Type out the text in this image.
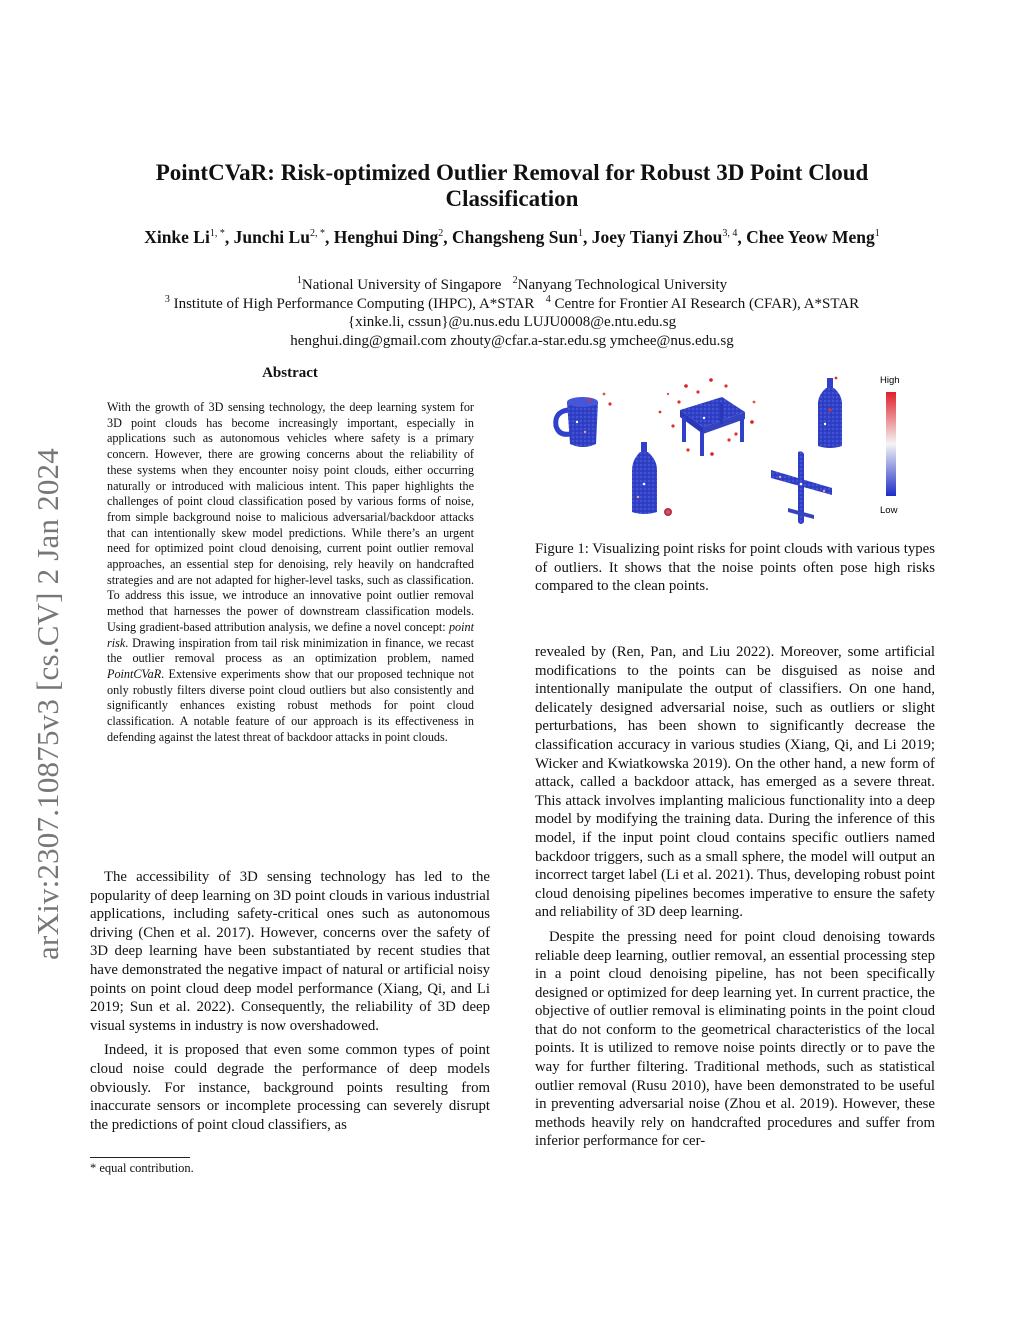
arXiv:2307.10875v3 [cs.CV] 2 Jan 2024
PointCVaR: Risk-optimized Outlier Removal for Robust 3D Point Cloud Classification
Xinke $Li^{1, *}$, Junchi $Lu^{2, *}$, Henghui Ding$^2$, Changsheng Sun$^1$, Joey Tianyi Zhou$^{3, 4}$, Chee Yeow Meng$^1$
$^1$National University of Singapore $^2$Nanyang Technological University
$^3$ Institute of High Performance Computing (IHPC), A*STAR $^4$ Centre for Frontier AI Research (CFAR), A*STAR
{xinke.li, cssun}@u.nus.edu LUJU0008@e.ntu.edu.sg
henghui.ding@gmail.com zhouty@cfar.a-star.edu.sg ymchee@nus.edu.sg
Abstract
With the growth of 3D sensing technology, the deep learning system for 3D point clouds has become increasingly important, especially in applications such as autonomous vehicles where safety is a primary concern. However, there are growing concerns about the reliability of these systems when they encounter noisy point clouds, either occurring naturally or introduced with malicious intent. This paper highlights the challenges of point cloud classification posed by various forms of noise, from simple background noise to malicious adversarial/backdoor attacks that can intentionally skew model predictions. While there’s an urgent need for optimized point cloud denoising, current point outlier removal approaches, an essential step for denoising, rely heavily on handcrafted strategies and are not adapted for higher-level tasks, such as classification. To address this issue, we introduce an innovative point outlier removal method that harnesses the power of downstream classification models. Using gradient-based attribution analysis, we define a novel concept: point risk. Drawing inspiration from tail risk minimization in finance, we recast the outlier removal process as an optimization problem, named PointCVaR. Extensive experiments show that our proposed technique not only robustly filters diverse point cloud outliers but also consistently and significantly enhances existing robust methods for point cloud classification. A notable feature of our approach is its effectiveness in defending against the latest threat of backdoor attacks in point clouds.

The accessibility of 3D sensing technology has led to the popularity of deep learning on 3D point clouds in various industrial applications, including safety-critical ones such as autonomous driving (Chen et al. 2017). However, concerns over the safety of 3D deep learning have been substantiated by recent studies that have demonstrated the negative impact of natural or artificial noisy points on point cloud deep model performance (Xiang, Qi, and Li 2019; Sun et al. 2022). Consequently, the reliability of 3D deep visual systems in industry is now overshadowed.

Indeed, it is proposed that even some common types of point cloud noise could degrade the performance of deep models obviously. For instance, background points resulting from inaccurate sensors or incomplete processing can severely disrupt the predictions of point cloud classifiers, as

* equal contribution.

High
Low
Figure 1: Visualizing point risks for point clouds with various types of outliers. It shows that the noise points often pose high risks compared to the clean points.

revealed by (Ren, Pan, and Liu 2022). Moreover, some artificial modifications to the points can be disguised as noise and intentionally manipulate the output of classifiers. On one hand, delicately designed adversarial noise, such as outliers or slight perturbations, has been shown to significantly decrease the classification accuracy in various studies (Xiang, Qi, and Li 2019; Wicker and Kwiatkowska 2019). On the other hand, a new form of attack, called a backdoor attack, has emerged as a severe threat. This attack involves implanting malicious functionality into a deep model by modifying the training data. During the inference of this model, if the input point cloud contains specific outliers named backdoor triggers, such as a small sphere, the model will output an incorrect target label (Li et al. 2021). Thus, developing robust point cloud denoising pipelines becomes imperative to ensure the safety and reliability of 3D deep learning.

Despite the pressing need for point cloud denoising towards reliable deep learning, outlier removal, an essential processing step in a point cloud denoising pipeline, has not been specifically designed or optimized for deep learning yet. In current practice, the objective of outlier removal is eliminating points in the point cloud that do not conform to the geometrical characteristics of the local points. It is utilized to remove noise points directly or to pave the way for further filtering. Traditional methods, such as statistical outlier removal (Rusu 2010), have been demonstrated to be useful in preventing adversarial noise (Zhou et al. 2019). However, these methods heavily rely on handcrafted procedures and suffer from inferior performance for cer-
